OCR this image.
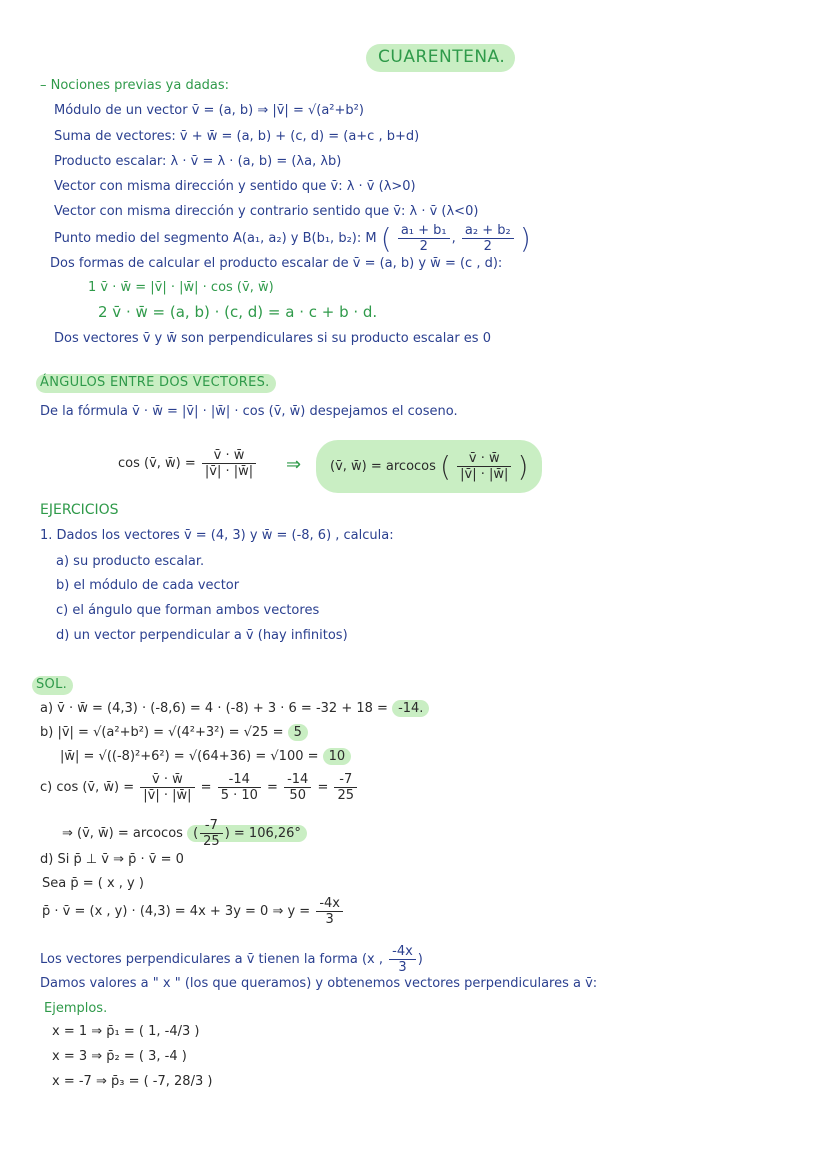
CUARENTENA.
– Nociones previas ya dadas:
Módulo de un vector v̄ = (a, b) ⇒ |v̄| = √(a²+b²)
Suma de vectores: v̄ + w̄ = (a, b) + (c, d) = (a+c , b+d)
Producto escalar: λ · v̄ = λ · (a, b) = (λa, λb)
Vector con misma dirección y sentido que v̄: λ · v̄ (λ>0)
Vector con misma dirección y contrario sentido que v̄: λ · v̄ (λ<0)
Punto medio del segmento A(a₁, a₂) y B(b₁, b₂): M ( $\frac{\text{a₁ + b₁}}{2}$ , $\frac{\text{a₂ + b₂}}{2}$ )
Dos formas de calcular el producto escalar de v̄ = (a, b) y w̄ = (c , d):
1 v̄ · w̄ = |v̄| · |w̄| · cos (v̄, w̄)
2 v̄ · w̄ = (a, b) · (c, d) = a · c + b · d.
Dos vectores v̄ y w̄ son perpendiculares si su producto escalar es 0
ÁNGULOS ENTRE DOS VECTORES.
De la fórmula v̄ · w̄ = |v̄| · |w̄| · cos (v̄, w̄) despejamos el coseno.
cos (v̄, w̄) = $\frac{v̄ \cdot w̄}{|v̄| \cdot |w̄|}$ ⇒	(v̄, w̄) = arcocos ( $\frac{v̄ \cdot w̄}{|v̄| \cdot |w̄|}$ )
EJERCICIOS
1. Dados los vectores v̄ = (4, 3) y w̄ = (-8, 6) , calcula:
a) su producto escalar.
b) el módulo de cada vector
c) el ángulo que forman ambos vectores
d) un vector perpendicular a v̄ (hay infinitos)
SOL.
a) v̄ · w̄ = (4,3) · (-8,6) = 4 · (-8) + 3 · 6 = -32 + 18 = -14.
b) |v̄| = √(a²+b²) = √(4²+3²) = √25 = 5
|w̄| = √((-8)²+6²) = √(64+36) = √100 = 10
c) cos (v̄, w̄) = $\frac{v̄ \cdot w̄}{|v̄| \cdot |w̄|} = \frac{-14}{5 \cdot 10} = \frac{-14}{50} = \frac{-7}{25}$
⇒ (v̄, w̄) = arcocos ( $\frac{-7}{25}$ ) = 106,26°
d) Si p̄ ⊥ v̄ ⇒ p̄ · v̄ = 0
Sea p̄ = ( x , y )
p̄ · v̄ = (x , y) · (4,3) = 4x + 3y = 0 ⇒ $y = \frac{-4x}{3}$
Los vectores perpendiculares a v̄ tienen la forma (x , $\frac{-4x}{3}$ )
Damos valores a " x " (los que queramos) y obtenemos vectores perpendiculares a v̄:
Ejemplos.
x = 1 ⇒ p̄₁ = ( 1, -4/3 )
x = 3 ⇒ p̄₂ = ( 3, -4 )
x = -7 ⇒ p̄₃ = ( -7, 28/3 )
